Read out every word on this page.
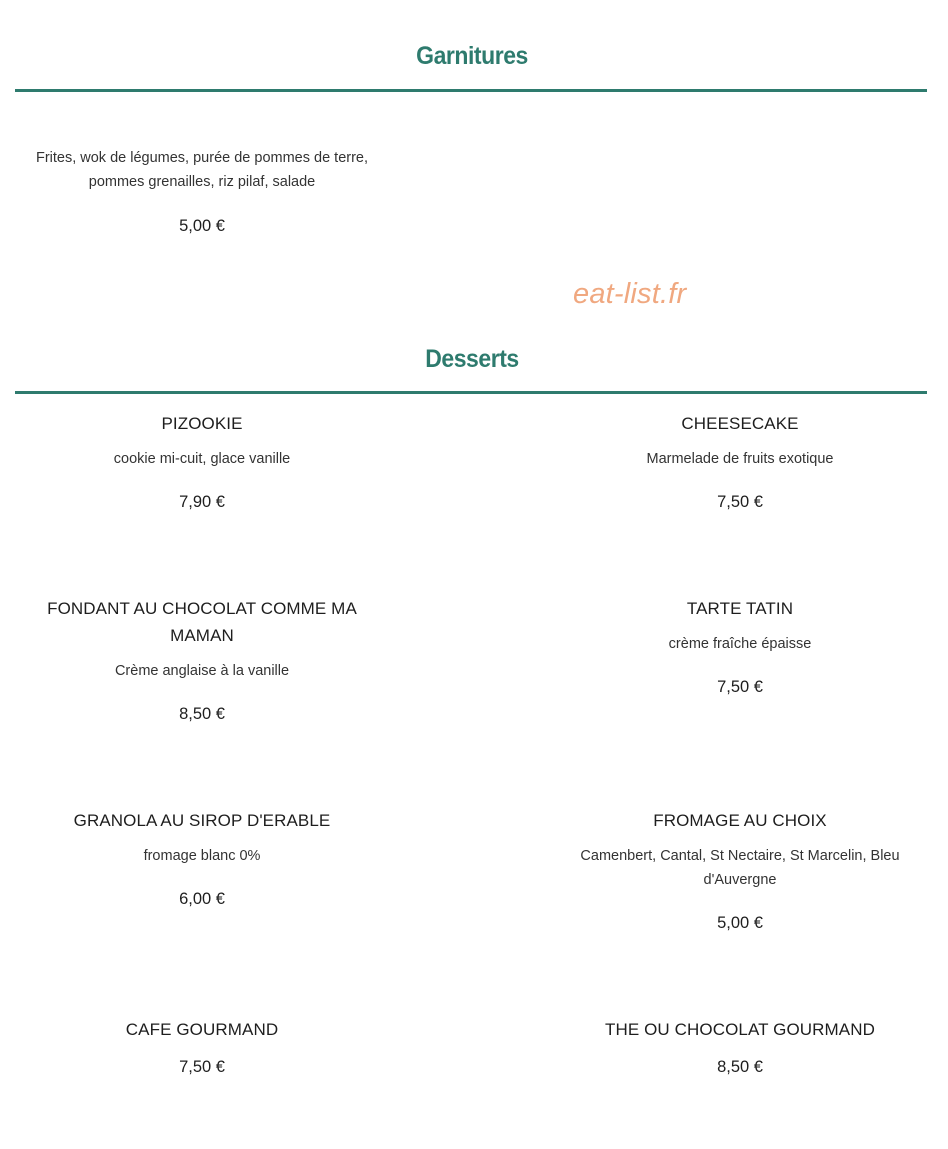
Garnitures
Frites, wok de légumes, purée de pommes de terre, pommes grenailles, riz pilaf, salade
5,00 €
eat-list.fr
Desserts
PIZOOKIE
cookie mi-cuit, glace vanille
7,90 €
CHEESECAKE
Marmelade de fruits exotique
7,50 €
FONDANT AU CHOCOLAT COMME MA MAMAN
Crème anglaise à la vanille
8,50 €
TARTE TATIN
crème fraîche épaisse
7,50 €
GRANOLA AU SIROP D'ERABLE
fromage blanc 0%
6,00 €
FROMAGE AU CHOIX
Camenbert, Cantal, St Nectaire, St Marcelin, Bleu d'Auvergne
5,00 €
CAFE GOURMAND
7,50 €
THE OU CHOCOLAT GOURMAND
8,50 €
